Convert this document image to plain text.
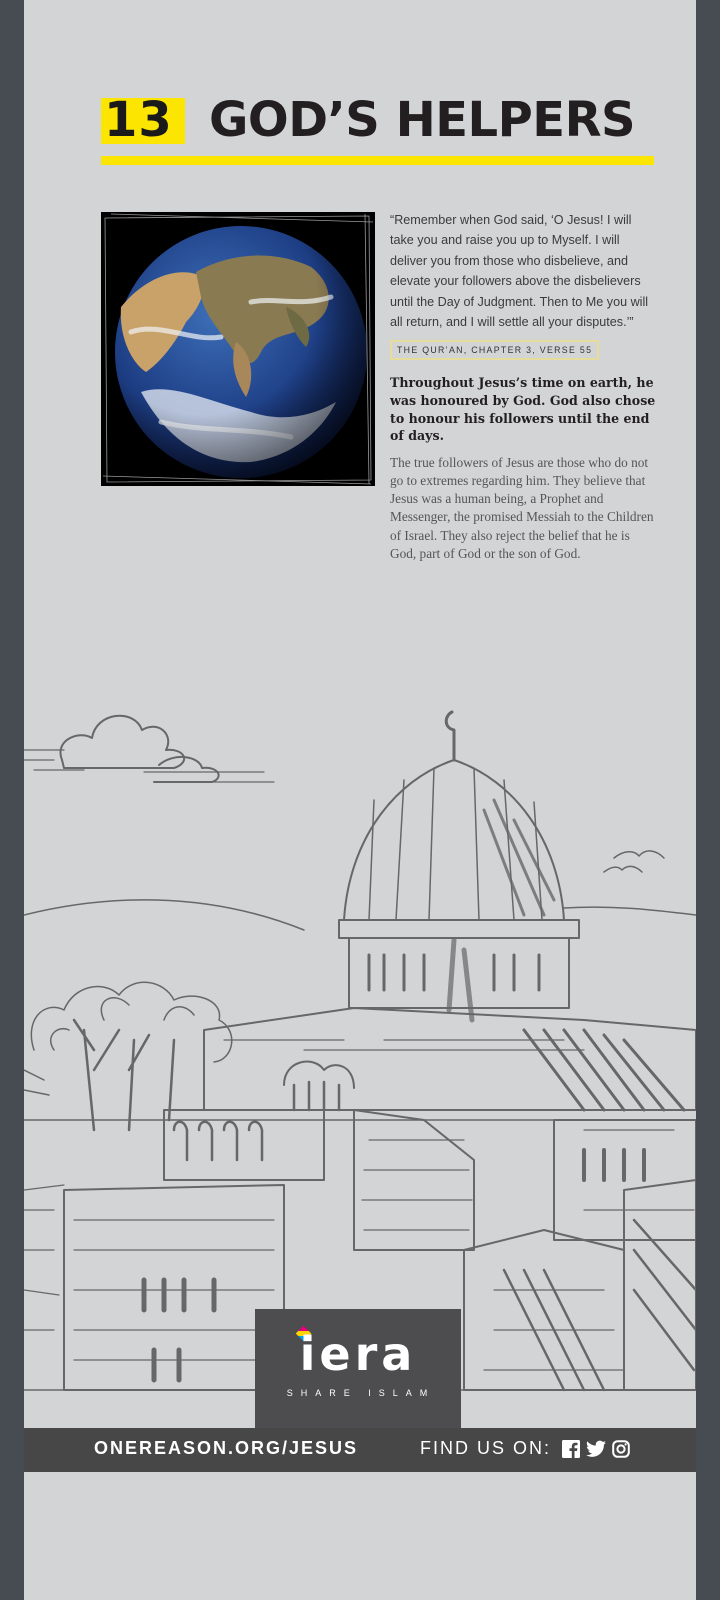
13 GOD’S HELPERS

“Remember when God said, ‘O Jesus! I will take you and raise you up to Myself. I will deliver you from those who disbelieve, and elevate your followers above the disbelievers until the Day of Judgment. Then to Me you will all return, and I will settle all your disputes.’”

THE QUR’AN, CHAPTER 3, VERSE 55

Throughout Jesus’s time on earth, he was honoured by God. God also chose to honour his followers until the end of days.

The true followers of Jesus are those who do not go to extremes regarding him. They believe that Jesus was a human being, a Prophet and Messenger, the promised Messiah to the Children of Israel. They also reject the belief that he is God, part of God or the son of God.

iera
SHARE ISLAM
ONEREASON.ORG/JESUS	FIND US ON:
